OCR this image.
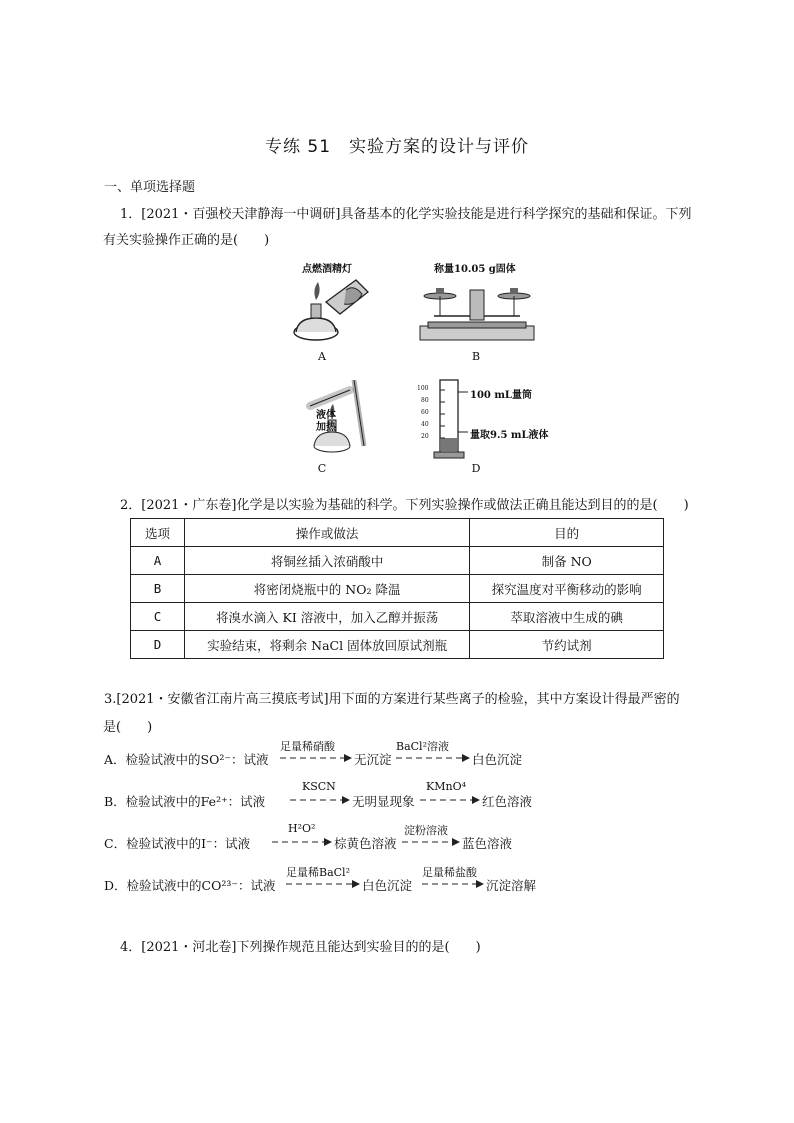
专练 51　实验方案的设计与评价
一、单项选择题
1．[2021・百强校天津静海一中调研]具备基本的化学实验技能是进行科学探究的基础和保证。下列
有关实验操作正确的是(　　)
点燃酒精灯
A
称量10.05 g固体
B
液体
加热
C
100
80
60
40
20
100 mL量筒
量取9.5 mL液体
D
2．[2021・广东卷]化学是以实验为基础的科学。下列实验操作或做法正确且能达到目的的是(　　)
选项	操作或做法	目的
A	将铜丝插入浓硝酸中	制备 NO
B	将密闭烧瓶中的 NO₂ 降温	探究温度对平衡移动的影响
C	将溴水滴入 KI 溶液中，加入乙醇并振荡	萃取溶液中生成的碘
D	实验结束，将剩余 NaCl 固体放回原试剂瓶	节约试剂
3.[2021・安徽省江南片高三摸底考试]用下面的方案进行某些离子的检验，其中方案设计得最严密的
是(　　)
A．检验试液中的SO²⁻：试液
足量稀硝酸
无沉淀
BaCl²溶液
白色沉淀
B．检验试液中的Fe²⁺：试液
KSCN
无明显现象
KMnO⁴
红色溶液
C．检验试液中的I⁻：试液
H²O²
棕黄色溶液
淀粉溶液
蓝色溶液
D．检验试液中的CO²³⁻：试液
足量稀BaCl²
白色沉淀
足量稀盐酸
沉淀溶解
4．[2021・河北卷]下列操作规范且能达到实验目的的是(　　)
